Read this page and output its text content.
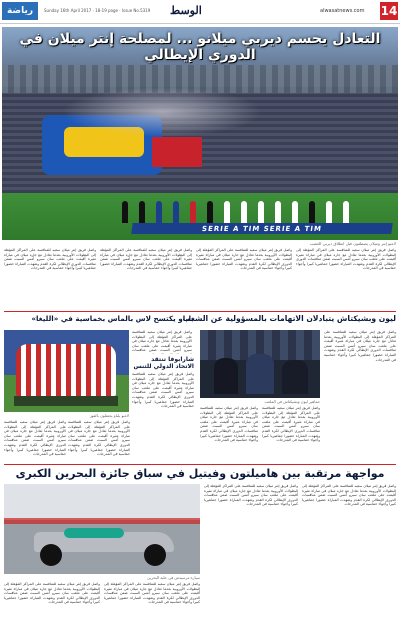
رياضة	Sunday 16th April 2017 · 18-19 page · Issue No.5319 الوسط	alwasatnews.com 14
SERIE A TIM SERIE A TIM
التعادل يحسم ديربي ميلانو ... لمصلحة إنتر ميلان في الدوري الإيطالي
لاعبو إنتر وميلان يصطفون قبل انطلاق ديربي الغضب
واصل فريق إنتر ميلان سعيه للمنافسة على المراكز المؤهلة إلى البطولات الأوروبية بعدما تعادل مع جاره ميلان في مباراة مثيرة أقيمت على ملعب سان سيرو أمس السبت ضمن منافسات الدوري الإيطالي لكرة القدم وشهدت المباراة حضورا جماهيريا كبيرا وأجواء حماسية في المدرجات
واصل فريق إنتر ميلان سعيه للمنافسة على المراكز المؤهلة إلى البطولات الأوروبية بعدما تعادل مع جاره ميلان في مباراة مثيرة أقيمت على ملعب سان سيرو أمس السبت ضمن منافسات الدوري الإيطالي لكرة القدم وشهدت المباراة حضورا جماهيريا كبيرا وأجواء حماسية في المدرجات
واصل فريق إنتر ميلان سعيه للمنافسة على المراكز المؤهلة إلى البطولات الأوروبية بعدما تعادل مع جاره ميلان في مباراة مثيرة أقيمت على ملعب سان سيرو أمس السبت ضمن منافسات الدوري الإيطالي لكرة القدم وشهدت المباراة حضورا جماهيريا كبيرا وأجواء حماسية في المدرجات
واصل فريق إنتر ميلان سعيه للمنافسة على المراكز المؤهلة إلى البطولات الأوروبية بعدما تعادل مع جاره ميلان في مباراة مثيرة أقيمت على ملعب سان سيرو أمس السبت ضمن منافسات الدوري الإيطالي لكرة القدم وشهدت المباراة حضورا جماهيريا كبيرا وأجواء حماسية في المدرجات
ليون وبشيكتاش يتبادلان الاتهامات بالمسؤولية عن الشغب
بلباو يكتسح لاس بالماس بخماسية في «الليغا»
لاعبو بلباو يحتفلون بالفوز
واصل فريق إنتر ميلان سعيه للمنافسة على المراكز المؤهلة إلى البطولات الأوروبية بعدما تعادل مع جاره ميلان في مباراة مثيرة أقيمت على ملعب سان سيرو أمس السبت ضمن منافسات الدوري الإيطالي لكرة القدم وشهدت المباراة حضورا جماهيريا كبيرا وأجواء حماسية في المدرجات
واصل فريق إنتر ميلان سعيه للمنافسة على المراكز المؤهلة إلى البطولات الأوروبية بعدما تعادل مع جاره ميلان في مباراة مثيرة أقيمت على ملعب سان سيرو أمس السبت ضمن منافسات الدوري الإيطالي لكرة القدم وشهدت المباراة حضورا جماهيريا كبيرا وأجواء حماسية في المدرجات
واصل فريق إنتر ميلان سعيه للمنافسة على المراكز المؤهلة إلى البطولات الأوروبية بعدما تعادل مع جاره ميلان في مباراة مثيرة أقيمت على ملعب سان سيرو أمس السبت ضمن منافسات
شارابوفا تنتقد الاتحاد الدولي للتنس
واصل فريق إنتر ميلان سعيه للمنافسة على المراكز المؤهلة إلى البطولات الأوروبية بعدما تعادل مع جاره ميلان في مباراة مثيرة أقيمت على ملعب سان سيرو أمس السبت ضمن منافسات الدوري الإيطالي لكرة القدم وشهدت المباراة حضورا جماهيريا كبيرا وأجواء حماسية في المدرجات
جماهير ليون وبشيكتاش في الملعب
واصل فريق إنتر ميلان سعيه للمنافسة على المراكز المؤهلة إلى البطولات الأوروبية بعدما تعادل مع جاره ميلان في مباراة مثيرة أقيمت على ملعب سان سيرو أمس السبت ضمن منافسات الدوري الإيطالي لكرة القدم وشهدت المباراة حضورا جماهيريا كبيرا وأجواء حماسية في المدرجات
واصل فريق إنتر ميلان سعيه للمنافسة على المراكز المؤهلة إلى البطولات الأوروبية بعدما تعادل مع جاره ميلان في مباراة مثيرة أقيمت على ملعب سان سيرو أمس السبت ضمن منافسات الدوري الإيطالي لكرة القدم وشهدت المباراة حضورا جماهيريا كبيرا وأجواء حماسية في المدرجات
واصل فريق إنتر ميلان سعيه للمنافسة على المراكز المؤهلة إلى البطولات الأوروبية بعدما تعادل مع جاره ميلان في مباراة مثيرة أقيمت على ملعب سان سيرو أمس السبت ضمن منافسات الدوري الإيطالي لكرة القدم وشهدت المباراة حضورا جماهيريا كبيرا وأجواء حماسية في المدرجات
مواجهة مرتقبة بين هاميلتون وفيتيل في سباق جائزة البحرين الكبرى
سيارة مرسيدس في حلبة البحرين
واصل فريق إنتر ميلان سعيه للمنافسة على المراكز المؤهلة إلى البطولات الأوروبية بعدما تعادل مع جاره ميلان في مباراة مثيرة أقيمت على ملعب سان سيرو أمس السبت ضمن منافسات الدوري الإيطالي لكرة القدم وشهدت المباراة حضورا جماهيريا كبيرا وأجواء حماسية في المدرجات
واصل فريق إنتر ميلان سعيه للمنافسة على المراكز المؤهلة إلى البطولات الأوروبية بعدما تعادل مع جاره ميلان في مباراة مثيرة أقيمت على ملعب سان سيرو أمس السبت ضمن منافسات الدوري الإيطالي لكرة القدم وشهدت المباراة حضورا جماهيريا كبيرا وأجواء حماسية في المدرجات
واصل فريق إنتر ميلان سعيه للمنافسة على المراكز المؤهلة إلى البطولات الأوروبية بعدما تعادل مع جاره ميلان في مباراة مثيرة أقيمت على ملعب سان سيرو أمس السبت ضمن منافسات الدوري الإيطالي لكرة القدم وشهدت المباراة حضورا جماهيريا كبيرا وأجواء حماسية في المدرجات
واصل فريق إنتر ميلان سعيه للمنافسة على المراكز المؤهلة إلى البطولات الأوروبية بعدما تعادل مع جاره ميلان في مباراة مثيرة أقيمت على ملعب سان سيرو أمس السبت ضمن منافسات الدوري الإيطالي لكرة القدم وشهدت المباراة حضورا جماهيريا كبيرا وأجواء حماسية في المدرجات
